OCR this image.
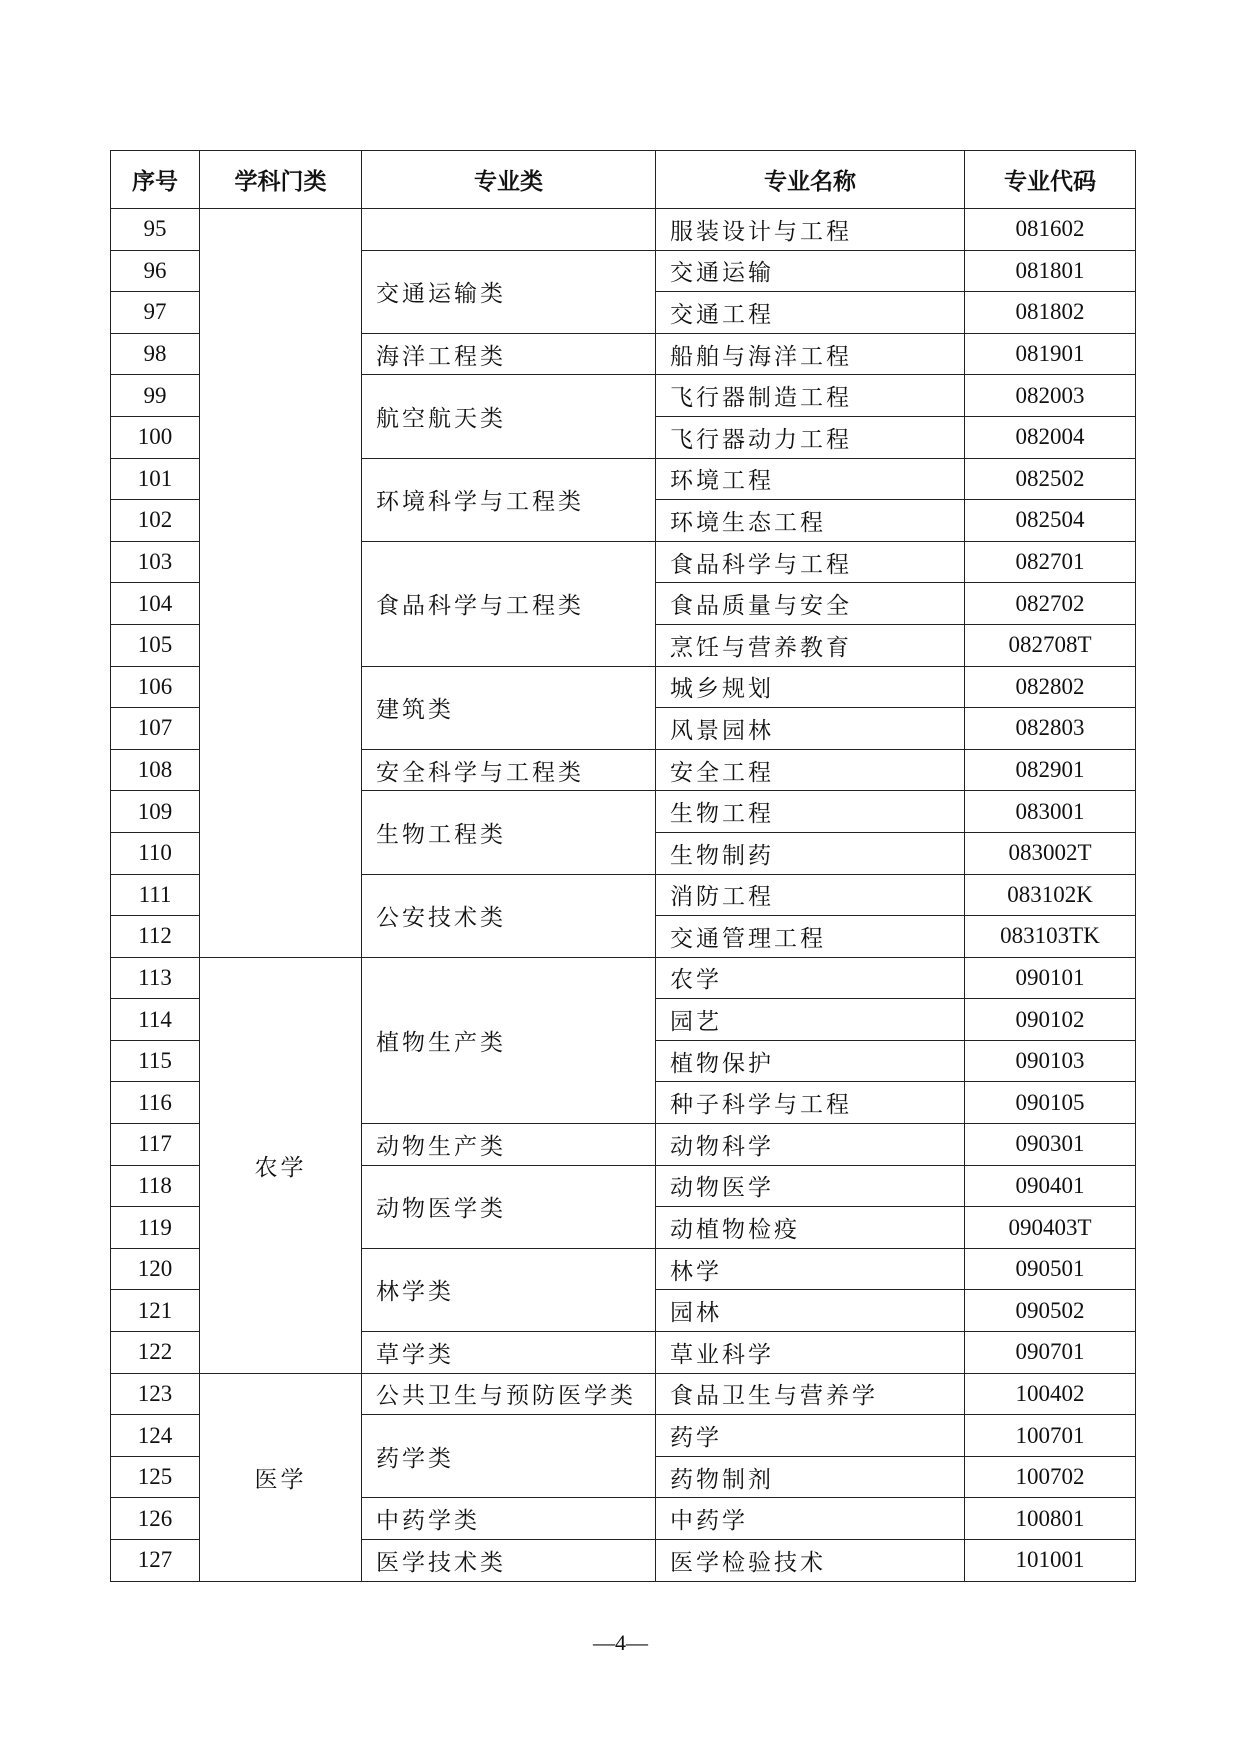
序号	学科门类	专业类	专业名称	专业代码
95			服装设计与工程	081602
96		交通运输类	交通运输	081801
97			交通工程	081802
98		海洋工程类	船舶与海洋工程	081901
99		航空航天类	飞行器制造工程	082003
100			飞行器动力工程	082004
101		环境科学与工程类	环境工程	082502
102			环境生态工程	082504
103		食品科学与工程类	食品科学与工程	082701
104			食品质量与安全	082702
105			烹饪与营养教育	082708T
106		建筑类	城乡规划	082802
107			风景园林	082803
108		安全科学与工程类	安全工程	082901
109		生物工程类	生物工程	083001
110			生物制药	083002T
111		公安技术类	消防工程	083102K
112			交通管理工程	083103TK
113	农学	植物生产类	农学	090101
114			园艺	090102
115			植物保护	090103
116			种子科学与工程	090105
117		动物生产类	动物科学	090301
118		动物医学类	动物医学	090401
119			动植物检疫	090403T
120		林学类	林学	090501
121			园林	090502
122		草学类	草业科学	090701
123	医学	公共卫生与预防医学类	食品卫生与营养学	100402
124		药学类	药学	100701
125			药物制剂	100702
126		中药学类	中药学	100801
127		医学技术类	医学检验技术	101001
—4—
